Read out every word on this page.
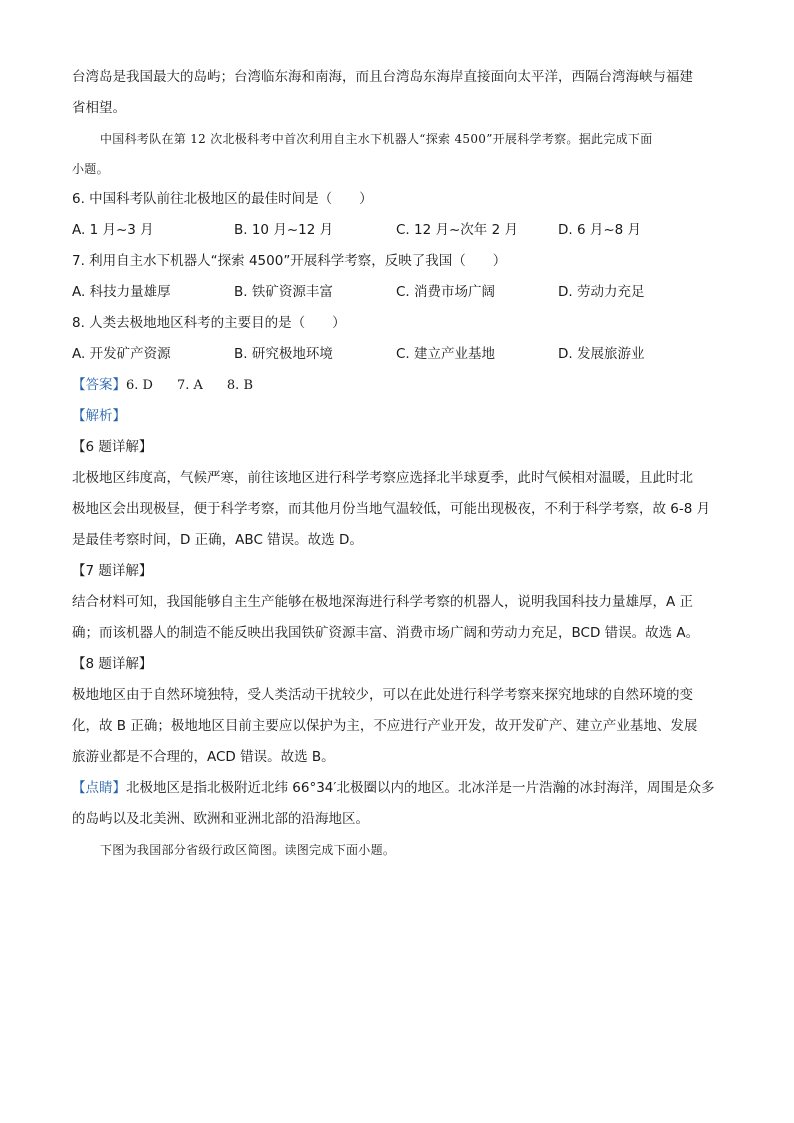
台湾岛是我国最大的岛屿；台湾临东海和南海，而且台湾岛东海岸直接面向太平洋，西隔台湾海峡与福建

省相望。

中国科考队在第 12 次北极科考中首次利用自主水下机器人“探索 4500”开展科学考察。据此完成下面

小题。

6. 中国科考队前往北极地区的最佳时间是（　　）

A. 1 月~3 月	B. 10 月~12 月	C. 12 月~次年 2 月	D. 6 月~8 月

7. 利用自主水下机器人“探索 4500”开展科学考察，反映了我国（　　）

A. 科技力量雄厚	B. 铁矿资源丰富	C. 消费市场广阔	D. 劳动力充足

8. 人类去极地地区科考的主要目的是（　　）

A. 开发矿产资源	B. 研究极地环境	C. 建立产业基地	D. 发展旅游业

【答案】6. D 7. A 8. B

【解析】

【6 题详解】

北极地区纬度高，气候严寒，前往该地区进行科学考察应选择北半球夏季，此时气候相对温暖，且此时北

极地区会出现极昼，便于科学考察，而其他月份当地气温较低，可能出现极夜，不利于科学考察，故 6-8 月

是最佳考察时间，D 正确，ABC 错误。故选 D。

【7 题详解】

结合材料可知，我国能够自主生产能够在极地深海进行科学考察的机器人，说明我国科技力量雄厚，A 正

确；而该机器人的制造不能反映出我国铁矿资源丰富、消费市场广阔和劳动力充足，BCD 错误。故选 A。

【8 题详解】

极地地区由于自然环境独特，受人类活动干扰较少，可以在此处进行科学考察来探究地球的自然环境的变

化，故 B 正确；极地地区目前主要应以保护为主，不应进行产业开发，故开发矿产、建立产业基地、发展

旅游业都是不合理的，ACD 错误。故选 B。

【点睛】北极地区是指北极附近北纬 66°34′北极圈以内的地区。北冰洋是一片浩瀚的冰封海洋，周围是众多

的岛屿以及北美洲、欧洲和亚洲北部的沿海地区。

下图为我国部分省级行政区简图。读图完成下面小题。
